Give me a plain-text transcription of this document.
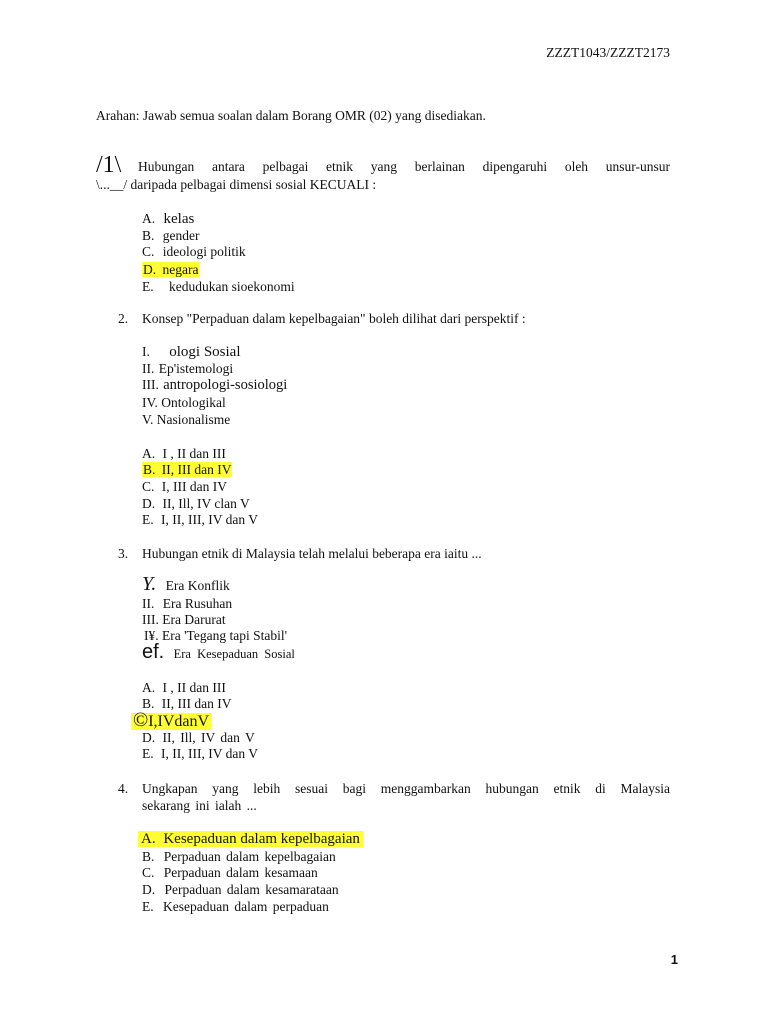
ZZZT1043/ZZZT2173
Arahan: Jawab semua soalan dalam Borang OMR (02) yang disediakan.
/1\ Hubungan antara pelbagai etnik yang berlainan dipengaruhi oleh unsur-unsur
\...__/ daripada pelbagai dimensi sosial KECUALI :
A. kelas
B. gender
C. ideologi politik
D. negara
E. kedudukan sioekonomi
2. Konsep "Perpaduan dalam kepelbagaian" boleh dilihat dari perspektif :
I. ologi Sosial
II. Ep'istemologi
III. antropologi-sosiologi
IV. Ontologikal
V. Nasionalisme
A. I , II dan III
B. II, III dan IV
C. I, III dan IV
D. II, Ill, IV clan V
E. I, II, III, IV dan V
3. Hubungan etnik di Malaysia telah melalui beberapa era iaitu ...
Y. Era Konflik
II. Era Rusuhan
III. Era Darurat
I¥. Era 'Tegang tapi Stabil'
ef. Era Kesepaduan Sosial
A. I , II dan III
B. II, III dan IV
©I,IVdanV
D. II, Ill, IV dan V
E. I, II, III, IV dan V
4. Ungkapan yang lebih sesuai bagi menggambarkan hubungan etnik di Malaysia
sekarang ini ialah ...
A. Kesepaduan dalam kepelbagaian
B. Perpaduan dalam kepelbagaian
C. Perpaduan dalam kesamaan
D. Perpaduan dalam kesamarataan
E. Kesepaduan dalam perpaduan
1
